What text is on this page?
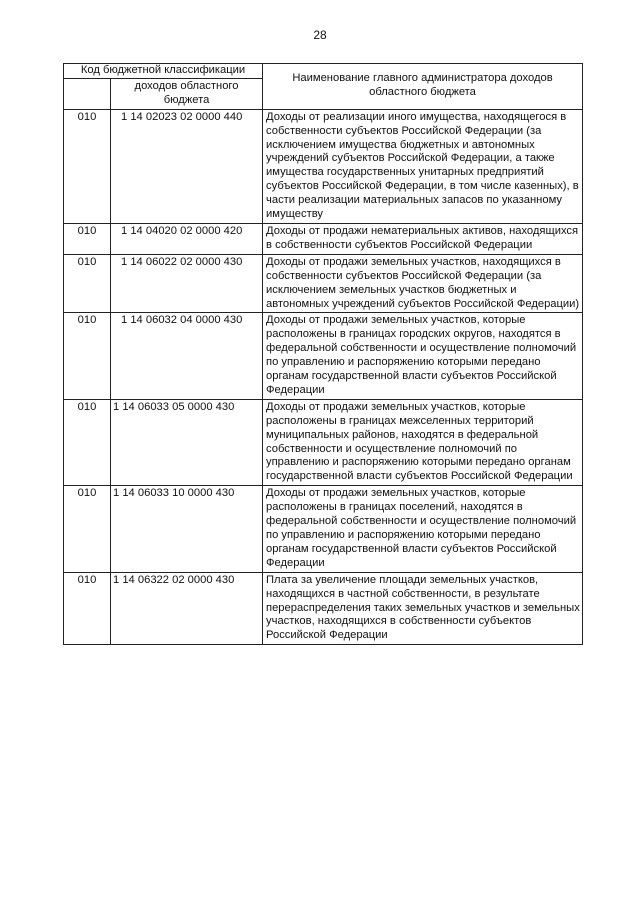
28
Код бюджетной классификации		Наименование главного администратора доходов областного бюджета
	доходов областного бюджета	
010	1 14 02023 02 0000 440	Доходы от реализации иного имущества, находящегося в собственности субъектов Российской Федерации (за исключением имущества бюджетных и автономных учреждений субъектов Российской Федерации, а также имущества государственных унитарных предприятий субъектов Российской Федерации, в том числе казенных), в части реализации материальных запасов по указанному имуществу
010	1 14 04020 02 0000 420	Доходы от продажи нематериальных активов, находящихся в собственности субъектов Российской Федерации
010	1 14 06022 02 0000 430	Доходы от продажи земельных участков, находящихся в собственности субъектов Российской Федерации (за исключением земельных участков бюджетных и автономных учреждений субъектов Российской Федерации)
010	1 14 06032 04 0000 430	Доходы от продажи земельных участков, которые расположены в границах городских округов, находятся в федеральной собственности и осуществление полномочий по управлению и распоряжению которыми передано органам государственной власти субъектов Российской Федерации
010	1 14 06033 05 0000 430	Доходы от продажи земельных участков, которые расположены в границах межселенных территорий муниципальных районов, находятся в федеральной собственности и осуществление полномочий по управлению и распоряжению которыми передано органам государственной власти субъектов Российской Федерации
010	1 14 06033 10 0000 430	Доходы от продажи земельных участков, которые расположены в границах поселений, находятся в федеральной собственности и осуществление полномочий по управлению и распоряжению которыми передано органам государственной власти субъектов Российской Федерации
010	1 14 06322 02 0000 430	Плата за увеличение площади земельных участков, находящихся в частной собственности, в результате перераспределения таких земельных участков и земельных участков, находящихся в собственности субъектов Российской Федерации
